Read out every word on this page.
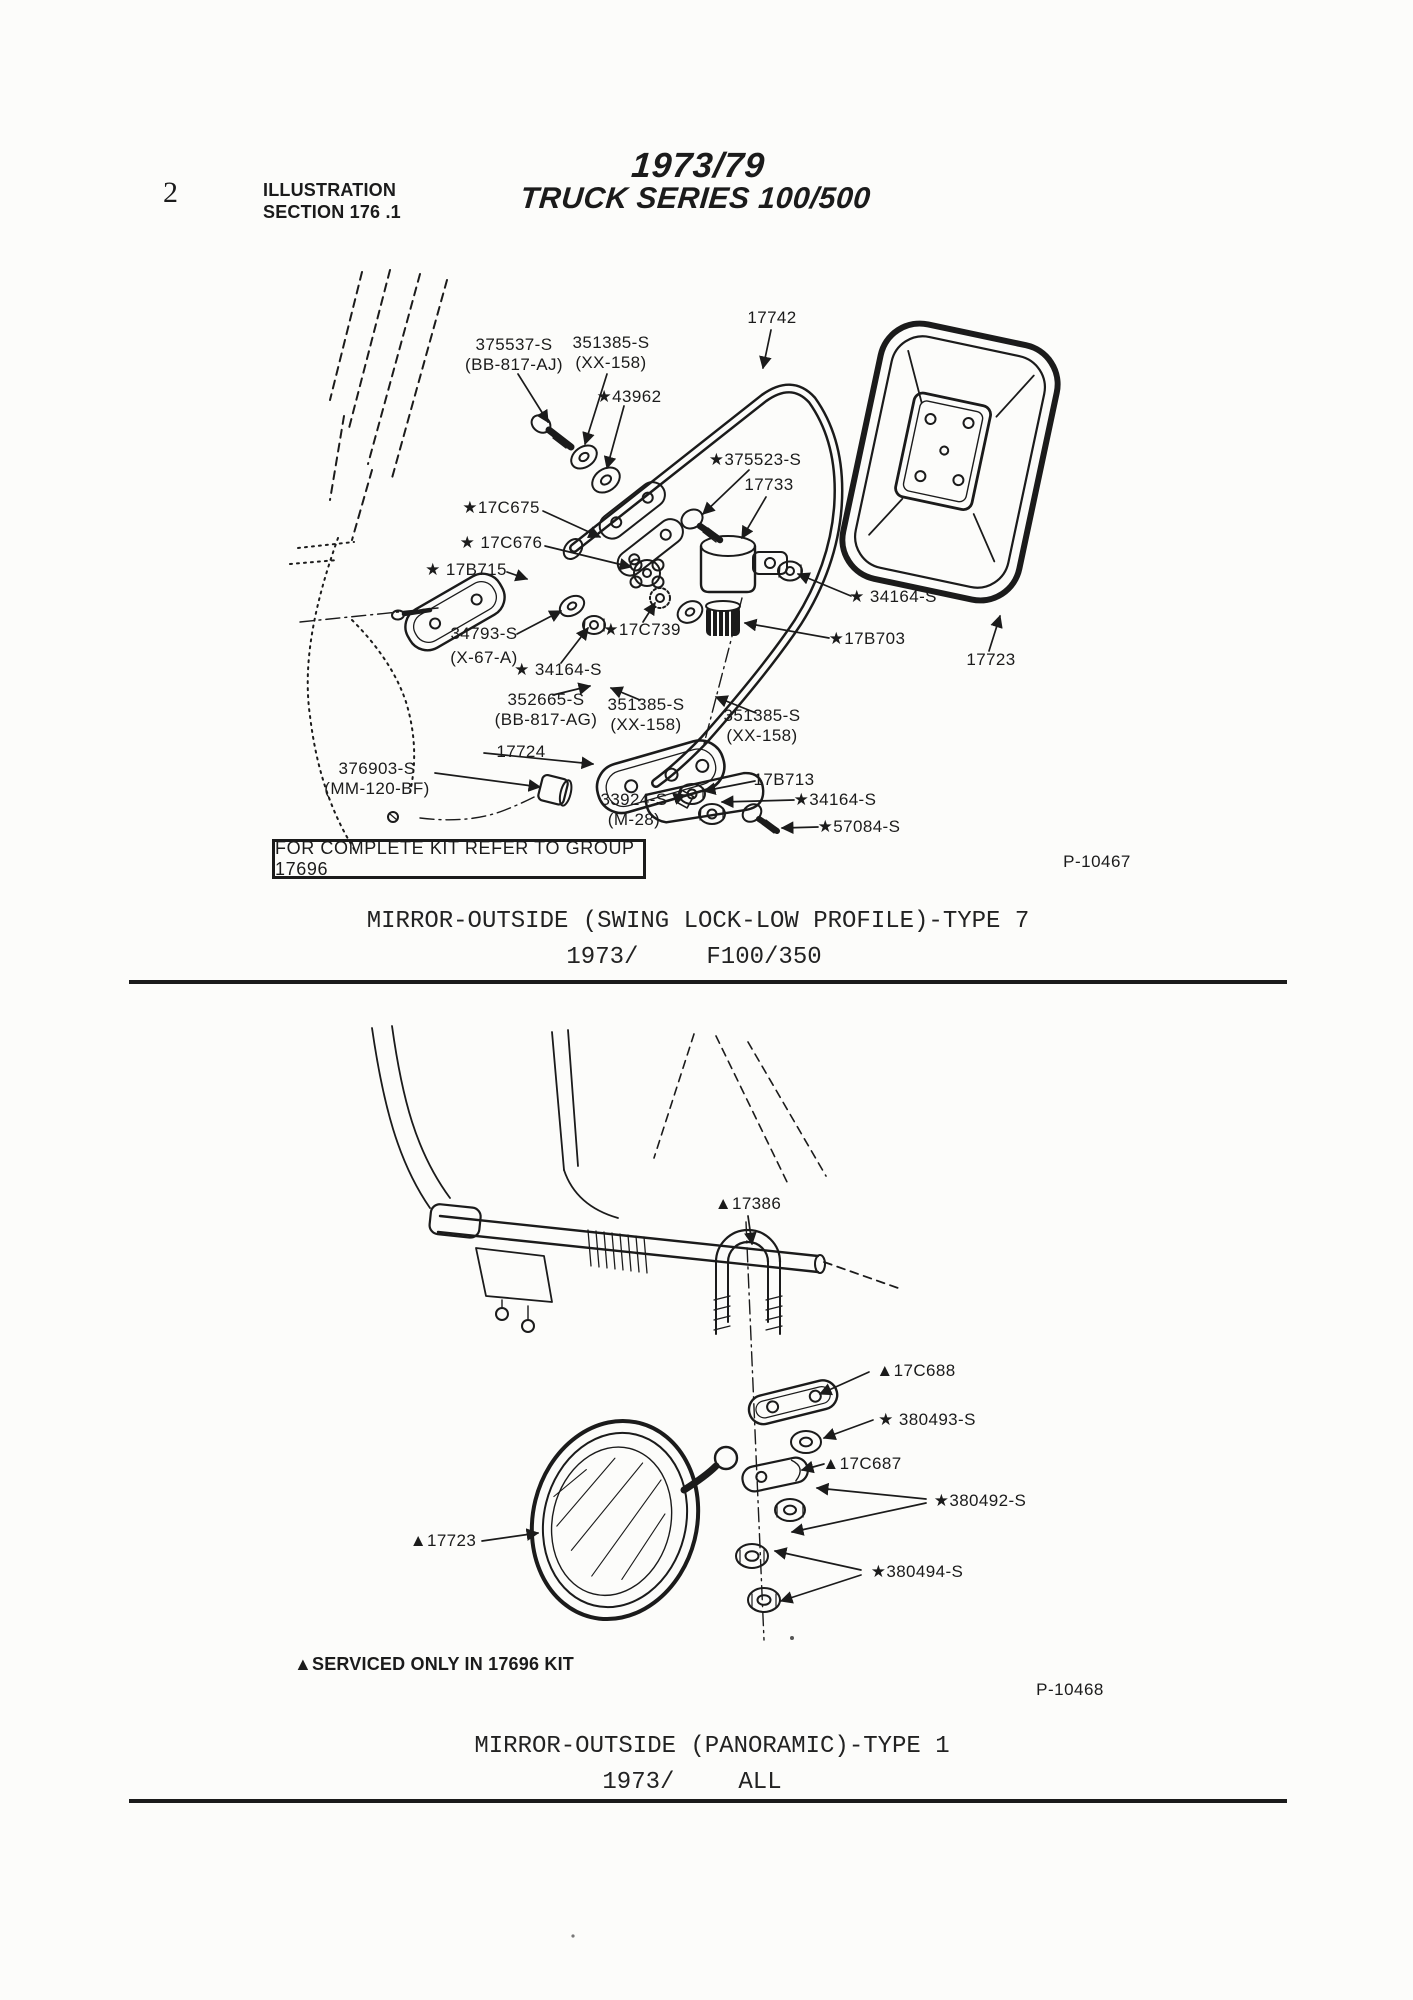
2	ILLUSTRATION
SECTION 176 .1
1973/79
TRUCK SERIES 100/500
375537-S
(BB-817-AJ)
351385-S
(XX-158)
17742
★43962
★375523-S
17733
★17C675
★ 17C676
★ 17B715
34793-S
(X-67-A)
★17C739
★ 34164-S
★ 34164-S
★17B703
17723
352665-S
(BB-817-AG)
351385-S
(XX-158) 351385-S
(XX-158)
17724
376903-S
(MM-120-BF)	17B713
33924-S
(M-28)
★34164-S
★57084-S
FOR COMPLETE KIT REFER TO GROUP 17696	P-10467
MIRROR-OUTSIDE (SWING LOCK-LOW PROFILE)-TYPE 7
1973/	F100/350
▲17386
▲17C688
★ 380493-S
▲17C687
★380492-S
▲17723
★380494-S
▲SERVICED ONLY IN 17696 KIT
P-10468
MIRROR-OUTSIDE (PANORAMIC)-TYPE 1
1973/	ALL
